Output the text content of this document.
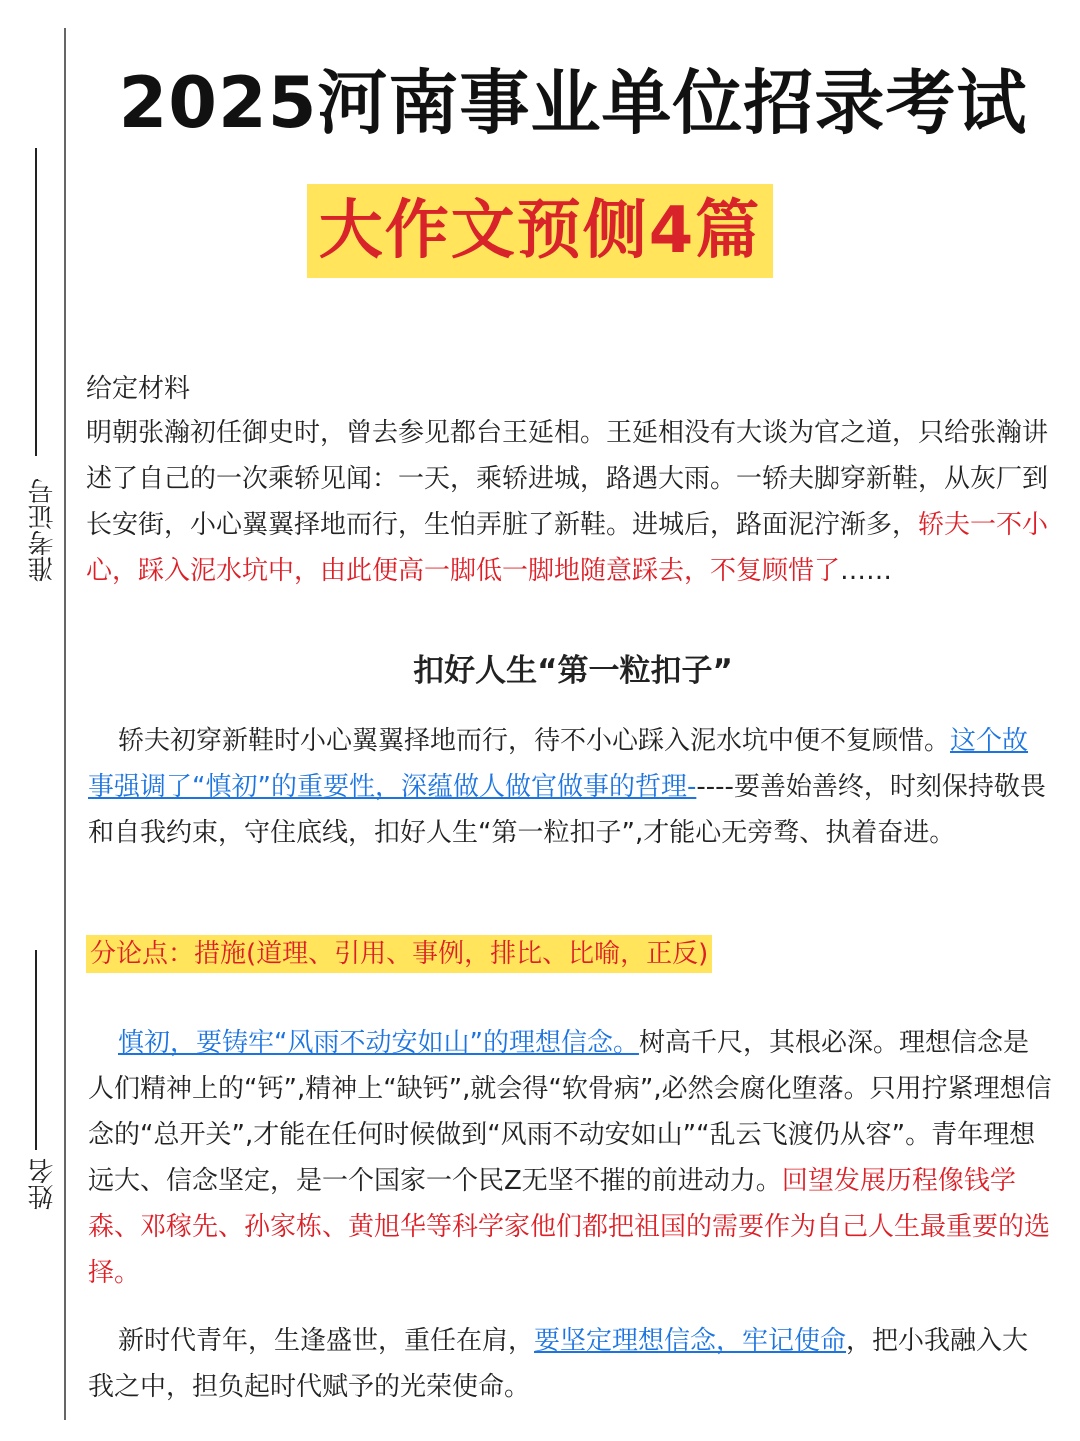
准考证号
姓名
2025河南事业单位招录考试
大作文预侧4篇
给定材料
明朝张瀚初任御史时，曾去参见都台王延相。王延相没有大谈为官之道，只给张瀚讲述了自己的一次乘轿见闻：一天，乘轿进城，路遇大雨。一轿夫脚穿新鞋，从灰厂到长安街，小心翼翼择地而行，生怕弄脏了新鞋。进城后，路面泥泞渐多，轿夫一不小心，踩入泥水坑中，由此便高一脚低一脚地随意踩去，不复顾惜了……
扣好人生“第一粒扣子”
轿夫初穿新鞋时小心翼翼择地而行，待不小心踩入泥水坑中便不复顾惜。这个故事强调了“慎初”的重要性，深蕴做人做官做事的哲理-----要善始善终，时刻保持敬畏和自我约束，守住底线，扣好人生“第一粒扣子”,才能心无旁骛、执着奋进。
分论点：措施(道理、引用、事例，排比、比喻，正反)
慎初，要铸牢“风雨不动安如山”的理想信念。树高千尺，其根必深。理想信念是人们精神上的“钙”,精神上“缺钙”,就会得“软骨病”,必然会腐化堕落。只用拧紧理想信念的“总开关”,才能在任何时候做到“风雨不动安如山”“乱云飞渡仍从容”。青年理想远大、信念坚定，是一个国家一个民Z无坚不摧的前进动力。回望发展历程像钱学森、邓稼先、孙家栋、黄旭华等科学家他们都把祖国的需要作为自己人生最重要的选择。
新时代青年，生逢盛世，重任在肩，要坚定理想信念，牢记使命，把小我融入大我之中，担负起时代赋予的光荣使命。
